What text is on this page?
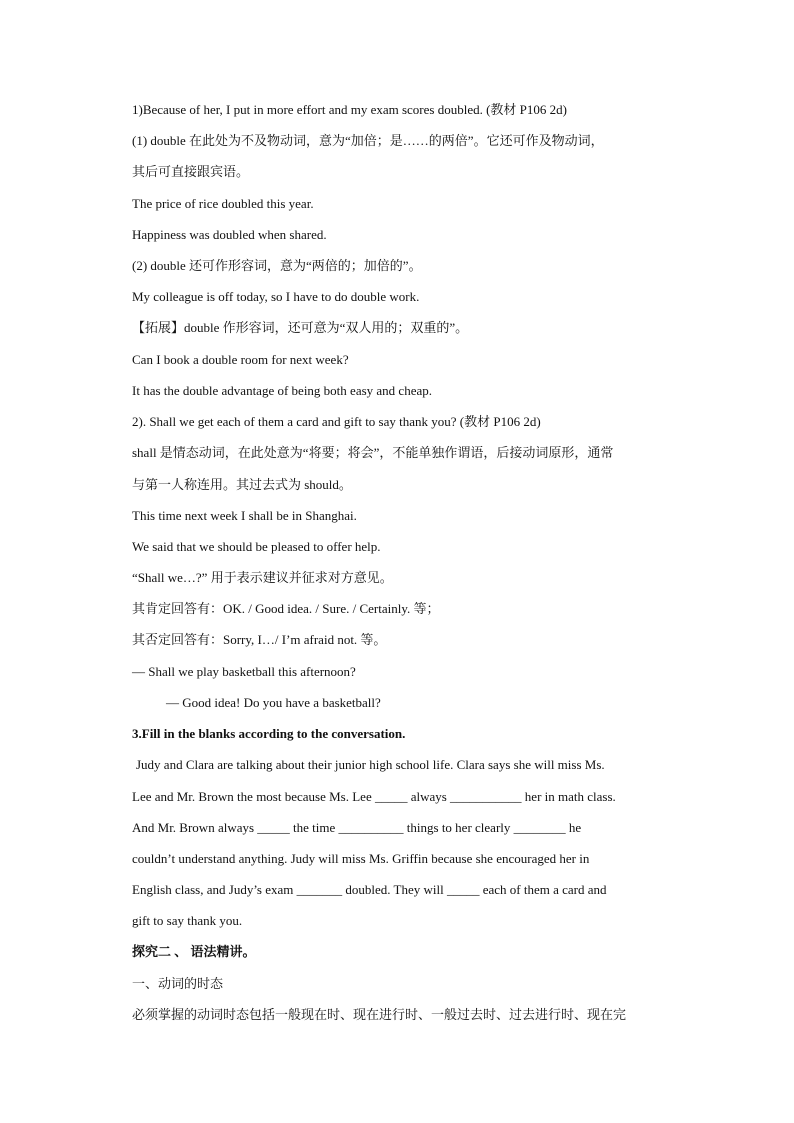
1)Because of her, I put in more effort and my exam scores doubled. (教材 P106 2d)
(1) double 在此处为不及物动词，意为“加倍；是……的两倍”。它还可作及物动词，
其后可直接跟宾语。
The price of rice doubled this year.
Happiness was doubled when shared.
(2) double 还可作形容词，意为“两倍的；加倍的”。
My colleague is off today, so I have to do double work.
【拓展】double 作形容词，还可意为“双人用的；双重的”。
Can I book a double room for next week?
It has the double advantage of being both easy and cheap.
2). Shall we get each of them a card and gift to say thank you? (教材 P106 2d)
shall 是情态动词，在此处意为“将要；将会”，不能单独作谓语，后接动词原形，通常
与第一人称连用。其过去式为 should。
This time next week I shall be in Shanghai.
We said that we should be pleased to offer help.
“Shall we…?” 用于表示建议并征求对方意见。
其肯定回答有：OK. / Good idea. / Sure. / Certainly. 等；
其否定回答有：Sorry, I…/ I’m afraid not. 等。
— Shall we play basketball this afternoon?
— Good idea! Do you have a basketball?
3.Fill in the blanks according to the conversation.
Judy and Clara are talking about their junior high school life. Clara says she will miss Ms.
Lee and Mr. Brown the most because Ms. Lee _____ always ___________ her in math class.
And Mr. Brown always _____ the time __________ things to her clearly ________ he
couldn’t understand anything. Judy will miss Ms. Griffin because she encouraged her in
English class, and Judy’s exam _______ doubled. They will _____ each of them a card and
gift to say thank you.
探究二 、 语法精讲。
一、动词的时态
必须掌握的动词时态包括一般现在时、现在进行时、一般过去时、过去进行时、现在完
